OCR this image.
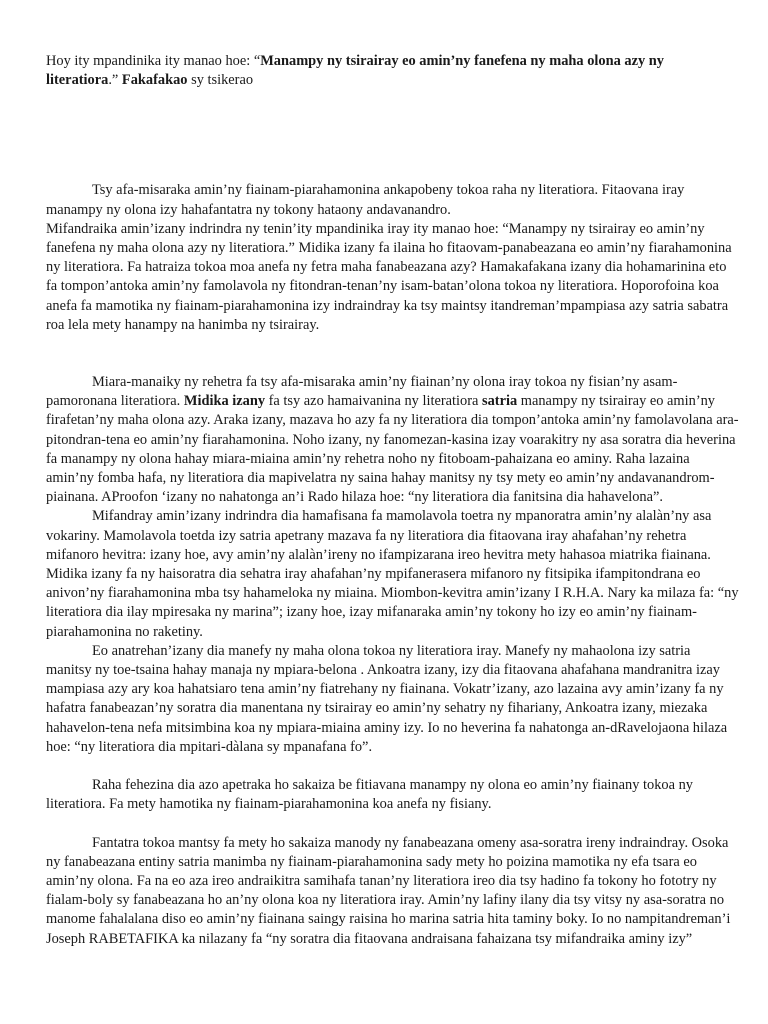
Hoy ity mpandinika ity manao hoe: “Manampy ny tsirairay eo amin’ny fanefena ny maha olona azy ny literatiora.” Fakafakao sy tsikerao

Tsy afa-misaraka amin’ny fiainam-piarahamonina ankapobeny tokoa raha ny literatiora. Fitaovana iray manampy ny olona izy hahafantatra ny tokony hataony andavanandro.

Mifandraika amin’izany indrindra ny tenin’ity mpandinika iray ity manao hoe: “Manampy ny tsirairay eo amin’ny fanefena ny maha olona azy ny literatiora.” Midika izany fa ilaina ho fitaovam-panabeazana eo amin’ny fiarahamonina ny literatiora. Fa hatraiza tokoa moa anefa ny fetra maha fanabeazana azy? Hamakafakana izany dia hohamarinina eto fa tompon’antoka amin’ny famolavola ny fitondran-tenan’ny isam-batan’olona tokoa ny literatiora. Hoporofoina koa anefa fa mamotika ny fiainam-piarahamonina izy indraindray ka tsy maintsy itandreman’mpampiasa azy satria sabatra roa lela mety hanampy na hanimba ny tsirairay.

Miara-manaiky ny rehetra fa tsy afa-misaraka amin’ny fiainan’ny olona iray tokoa ny fisian’ny asam-pamoronana literatiora. Midika izany fa tsy azo hamaivanina ny literatiora satria manampy ny tsirairay eo amin’ny firafetan’ny maha olona azy. Araka izany, mazava ho azy fa ny literatiora dia tompon’antoka amin’ny famolavolana ara-pitondran-tena eo amin’ny fiarahamonina. Noho izany, ny fanomezan-kasina izay voarakitry ny asa soratra dia heverina fa manampy ny olona hahay miara-miaina amin’ny rehetra noho ny fitoboam-pahaizana eo aminy. Raha lazaina amin’ny fomba hafa, ny literatiora dia mapivelatra ny saina hahay manitsy ny tsy mety eo amin’ny andavanandrom-piainana. AProofon ‘izany no nahatonga an’i Rado hilaza hoe: “ny literatiora dia fanitsina dia hahavelona”.

Mifandray amin’izany indrindra dia hamafisana fa mamolavola toetra ny mpanoratra amin’ny alalàn’ny asa vokariny. Mamolavola toetda izy satria apetrany mazava fa ny literatiora dia fitaovana iray ahafahan’ny rehetra mifanoro hevitra: izany hoe, avy amin’ny alalàn’ireny no ifampizarana ireo hevitra mety hahasoa miatrika fiainana. Midika izany fa ny haisoratra dia sehatra iray ahafahan’ny mpifanerasera mifanoro ny fitsipika ifampitondrana eo anivon’ny fiarahamonina mba tsy hahameloka ny miaina. Miombon-kevitra amin’izany I R.H.A. Nary ka milaza fa: “ny literatiora dia ilay mpiresaka ny marina”; izany hoe, izay mifanaraka amin’ny tokony ho izy eo amin’ny fiainam-piarahamonina no raketiny.

Eo anatrehan’izany dia manefy ny maha olona tokoa ny literatiora iray. Manefy ny mahaolona izy satria manitsy ny toe-tsaina hahay manaja ny mpiara-belona . Ankoatra izany, izy dia fitaovana ahafahana mandranitra izay mampiasa azy ary koa hahatsiaro tena amin’ny fiatrehany ny fiainana. Vokatr’izany, azo lazaina avy amin’izany fa ny hafatra fanabeazan’ny soratra dia manentana ny tsirairay eo amin’ny sehatry ny fihariany, Ankoatra izany, miezaka hahavelon-tena nefa mitsimbina koa ny mpiara-miaina aminy izy. Io no heverina fa nahatonga an-dRavelojaona hilaza hoe: “ny literatiora dia mpitari-dàlana sy mpanafana fo”.

Raha fehezina dia azo apetraka ho sakaiza be fitiavana manampy ny olona eo amin’ny fiainany tokoa ny literatiora. Fa mety hamotika ny fiainam-piarahamonina koa anefa ny fisiany.

Fantatra tokoa mantsy fa mety ho sakaiza manody ny fanabeazana omeny asa-soratra ireny indraindray. Osoka ny fanabeazana entiny satria manimba ny fiainam-piarahamonina sady mety ho poizina mamotika ny efa tsara eo amin’ny olona. Fa na eo aza ireo andraikitra samihafa tanan’ny literatiora ireo dia tsy hadino fa tokony ho fototry ny fialam-boly sy fanabeazana ho an’ny olona koa ny literatiora iray. Amin’ny lafiny ilany dia tsy vitsy ny asa-soratra no manome fahalalana diso eo amin’ny fiainana saingy raisina ho marina satria hita taminy boky. Io no nampitandreman’i Joseph RABETAFIKA ka nilazany fa “ny soratra dia fitaovana andraisana fahaizana tsy mifandraika aminy izy”
